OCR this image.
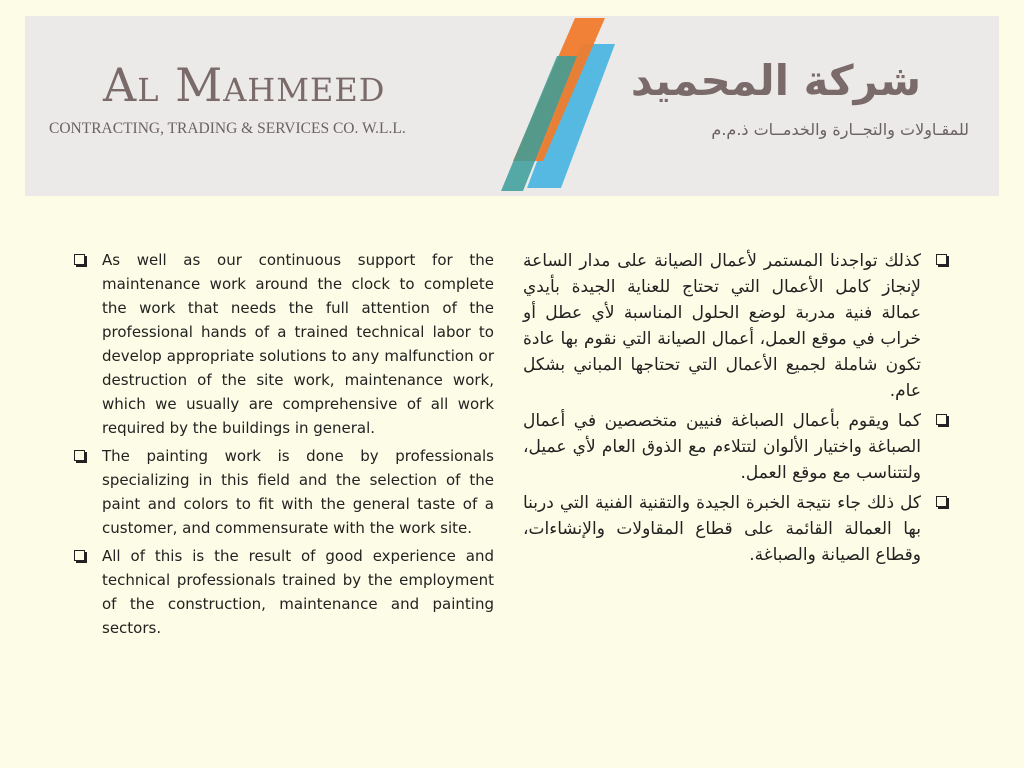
Al Mahmeed
CONTRACTING, TRADING & SERVICES CO. W.L.L.
شركة المحميد
للمقـاولات والتجــارة والخدمــات ذ.م.م
As well as our continuous support for the maintenance work around the clock to complete the work that needs the full attention of the professional hands of a trained technical labor to develop appropriate solutions to any malfunction or destruction of the site work, maintenance work, which we usually are comprehensive of all work required by the buildings in general.
The painting work is done by professionals specializing in this field and the selection of the paint and colors to fit with the general taste of a customer, and commensurate with the work site.
All of this is the result of good experience and technical professionals trained by the employment of the construction, maintenance and painting sectors.
كذلك تواجدنا المستمر لأعمال الصيانة على مدار الساعة لإنجاز كامل الأعمال التي تحتاج للعناية الجيدة بأيدي عمالة فنية مدربة لوضع الحلول المناسبة لأي عطل أو خراب في موقع العمل، أعمال الصيانة التي نقوم بها عادة تكون شاملة لجميع الأعمال التي تحتاجها المباني بشكل عام.
كما ويقوم بأعمال الصباغة فنيين متخصصين في أعمال الصباغة واختيار الألوان لتتلاءم مع الذوق العام لأي عميل، ولتتناسب مع موقع العمل.
كل ذلك جاء نتيجة الخبرة الجيدة والتقنية الفنية التي دربنا بها العمالة القائمة على قطاع المقاولات والإنشاءات، وقطاع الصيانة والصباغة.
